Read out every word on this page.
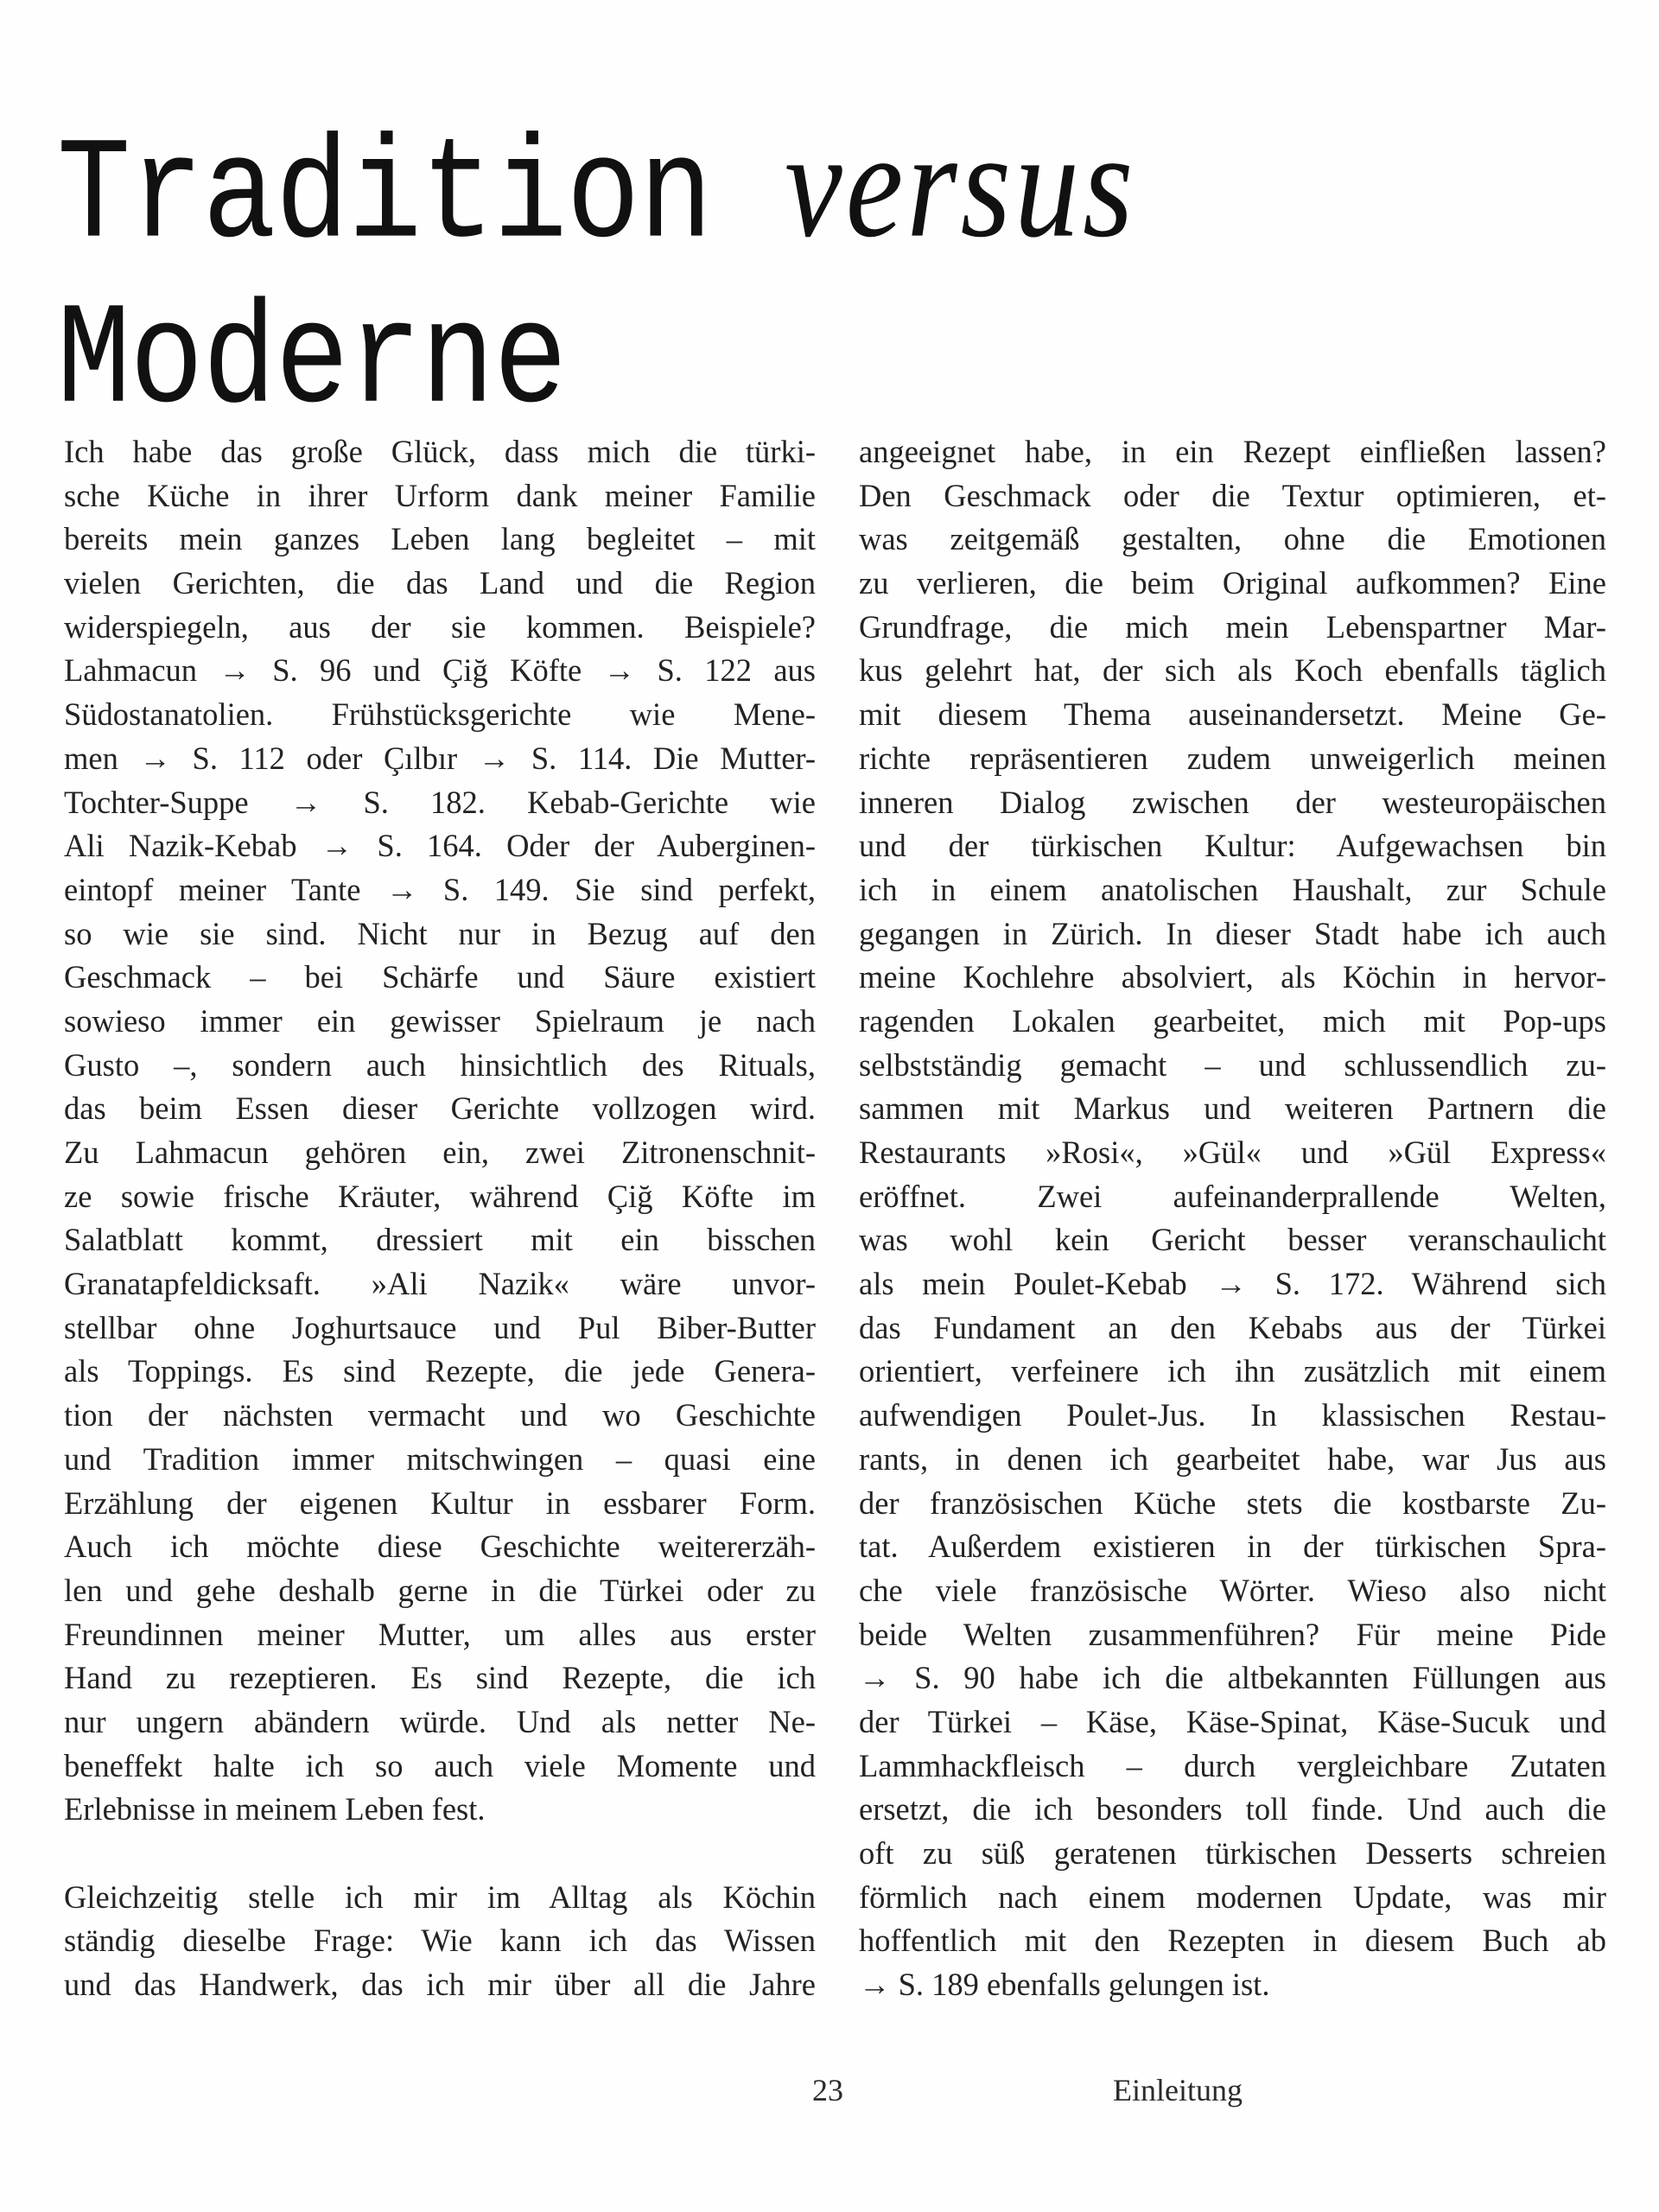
Tradition versus
Moderne
Ich habe das große Glück, dass mich die türki-
sche Küche in ihrer Urform dank meiner Familie
bereits mein ganzes Leben lang begleitet – mit
vielen Gerichten, die das Land und die Region
widerspiegeln, aus der sie kommen. Beispiele?
Lahmacun → S. 96 und Çiğ Köfte → S. 122 aus
Südostanatolien. Frühstücksgerichte wie Mene-
men → S. 112 oder Çılbır → S. 114. Die Mutter-
Tochter-Suppe → S. 182. Kebab-Gerichte wie
Ali Nazik-Kebab → S. 164. Oder der Auberginen-
eintopf meiner Tante → S. 149. Sie sind perfekt,
so wie sie sind. Nicht nur in Bezug auf den
Geschmack – bei Schärfe und Säure existiert
sowieso immer ein gewisser Spielraum je nach
Gusto –, sondern auch hinsichtlich des Rituals,
das beim Essen dieser Gerichte vollzogen wird.
Zu Lahmacun gehören ein, zwei Zitronenschnit-
ze sowie frische Kräuter, während Çiğ Köfte im
Salatblatt kommt, dressiert mit ein bisschen
Granatapfeldicksaft. »Ali Nazik« wäre unvor-
stellbar ohne Joghurtsauce und Pul Biber-Butter
als Toppings. Es sind Rezepte, die jede Genera-
tion der nächsten vermacht und wo Geschichte
und Tradition immer mitschwingen – quasi eine
Erzählung der eigenen Kultur in essbarer Form.
Auch ich möchte diese Geschichte weitererzäh-
len und gehe deshalb gerne in die Türkei oder zu
Freundinnen meiner Mutter, um alles aus erster
Hand zu rezeptieren. Es sind Rezepte, die ich
nur ungern abändern würde. Und als netter Ne-
beneffekt halte ich so auch viele Momente und
Erlebnisse in meinem Leben fest.
Gleichzeitig stelle ich mir im Alltag als Köchin
ständig dieselbe Frage: Wie kann ich das Wissen
und das Handwerk, das ich mir über all die Jahre
angeeignet habe, in ein Rezept einfließen lassen?
Den Geschmack oder die Textur optimieren, et-
was zeitgemäß gestalten, ohne die Emotionen
zu verlieren, die beim Original aufkommen? Eine
Grundfrage, die mich mein Lebenspartner Mar-
kus gelehrt hat, der sich als Koch ebenfalls täglich
mit diesem Thema auseinandersetzt. Meine Ge-
richte repräsentieren zudem unweigerlich meinen
inneren Dialog zwischen der westeuropäischen
und der türkischen Kultur: Aufgewachsen bin
ich in einem anatolischen Haushalt, zur Schule
gegangen in Zürich. In dieser Stadt habe ich auch
meine Kochlehre absolviert, als Köchin in hervor-
ragenden Lokalen gearbeitet, mich mit Pop-ups
selbstständig gemacht – und schlussendlich zu-
sammen mit Markus und weiteren Partnern die
Restaurants »Rosi«, »Gül« und »Gül Express«
eröffnet. Zwei aufeinanderprallende Welten,
was wohl kein Gericht besser veranschaulicht
als mein Poulet-Kebab → S. 172. Während sich
das Fundament an den Kebabs aus der Türkei
orientiert, verfeinere ich ihn zusätzlich mit einem
aufwendigen Poulet-Jus. In klassischen Restau-
rants, in denen ich gearbeitet habe, war Jus aus
der französischen Küche stets die kostbarste Zu-
tat. Außerdem existieren in der türkischen Spra-
che viele französische Wörter. Wieso also nicht
beide Welten zusammenführen? Für meine Pide
→ S. 90 habe ich die altbekannten Füllungen aus
der Türkei – Käse, Käse-Spinat, Käse-Sucuk und
Lammhackfleisch – durch vergleichbare Zutaten
ersetzt, die ich besonders toll finde. Und auch die
oft zu süß geratenen türkischen Desserts schreien
förmlich nach einem modernen Update, was mir
hoffentlich mit den Rezepten in diesem Buch ab
→ S. 189 ebenfalls gelungen ist.
23	Einleitung
